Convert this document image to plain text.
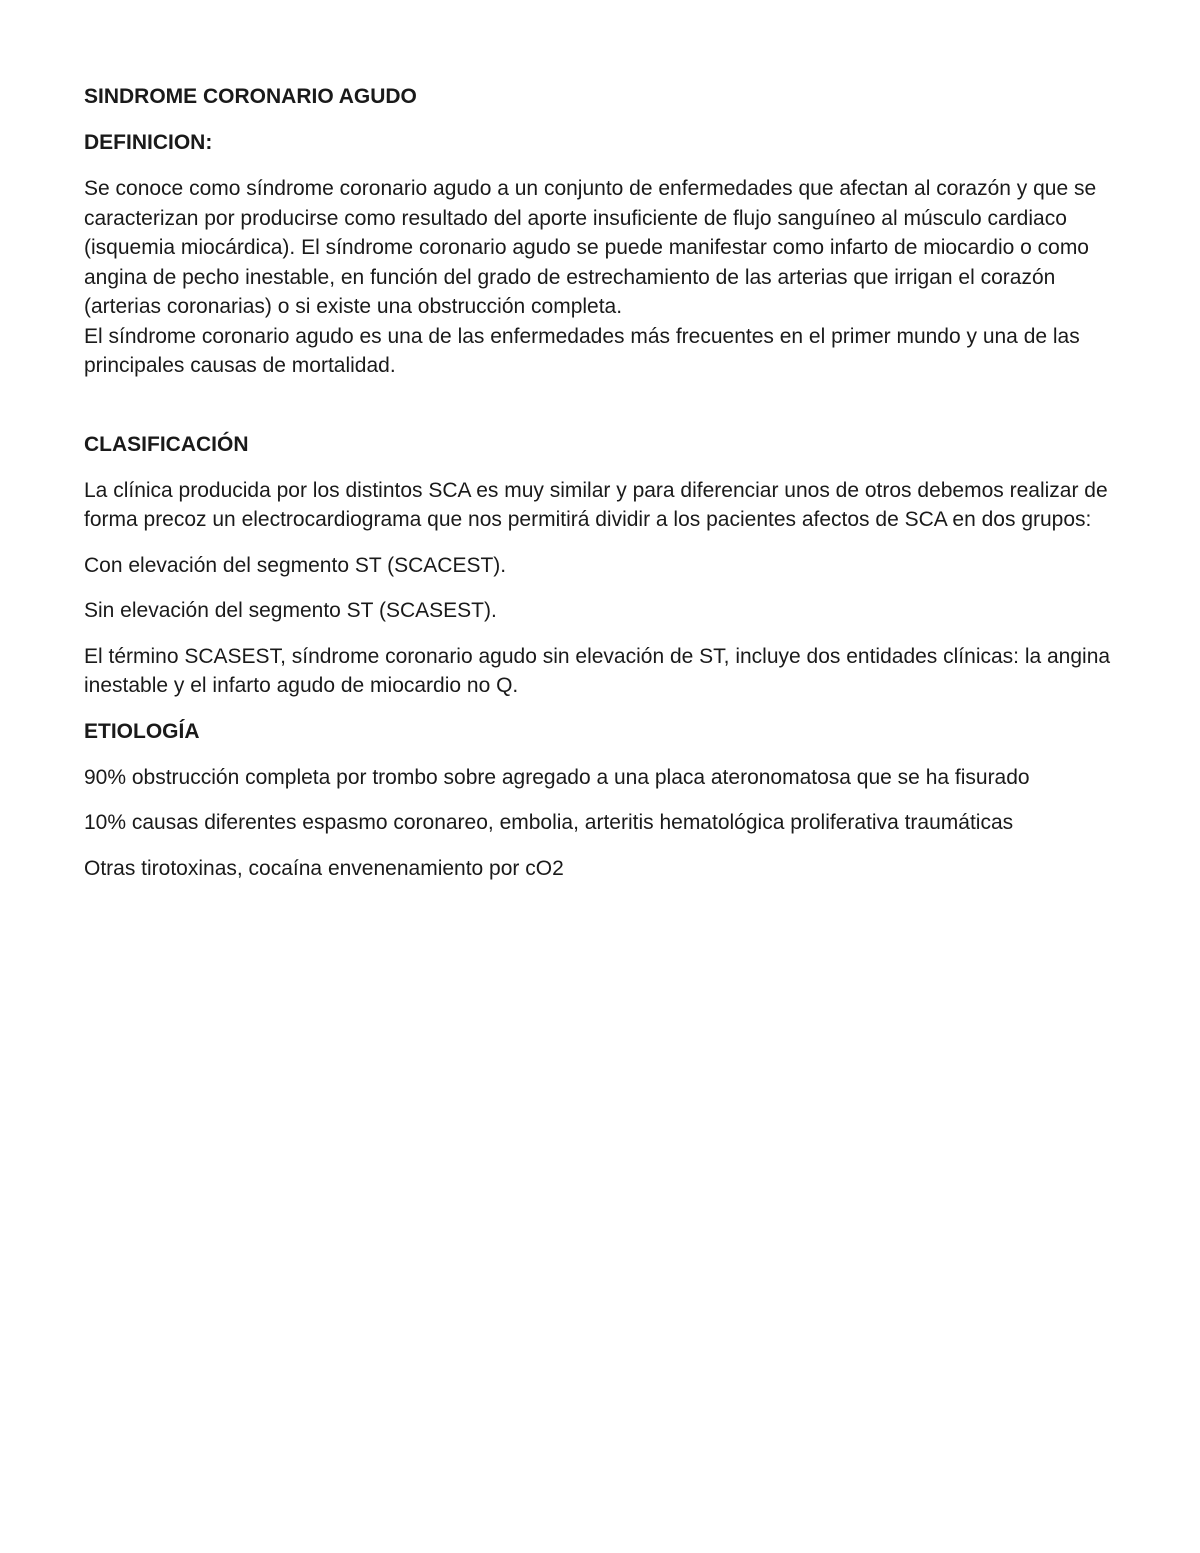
SINDROME CORONARIO AGUDO

DEFINICION:

Se conoce como síndrome coronario agudo a un conjunto de enfermedades que afectan al corazón y que se caracterizan por producirse como resultado del aporte insuficiente de flujo sanguíneo al músculo cardiaco (isquemia miocárdica). El síndrome coronario agudo se puede manifestar como infarto de miocardio o como angina de pecho inestable, en función del grado de estrechamiento de las arterias que irrigan el corazón (arterias coronarias) o si existe una obstrucción completa.

El síndrome coronario agudo es una de las enfermedades más frecuentes en el primer mundo y una de las principales causas de mortalidad.

CLASIFICACIÓN

La clínica producida por los distintos SCA es muy similar y para diferenciar unos de otros debemos realizar de forma precoz un electrocardiograma que nos permitirá dividir a los pacientes afectos de SCA en dos grupos:

Con elevación del segmento ST (SCACEST).

Sin elevación del segmento ST (SCASEST).

El término SCASEST, síndrome coronario agudo sin elevación de ST, incluye dos entidades clínicas: la angina inestable y el infarto agudo de miocardio no Q.

ETIOLOGÍA

90% obstrucción completa por trombo sobre agregado a una placa ateronomatosa que se ha fisurado

10% causas diferentes espasmo coronareo, embolia, arteritis hematológica proliferativa traumáticas

Otras tirotoxinas, cocaína envenenamiento por cO2
